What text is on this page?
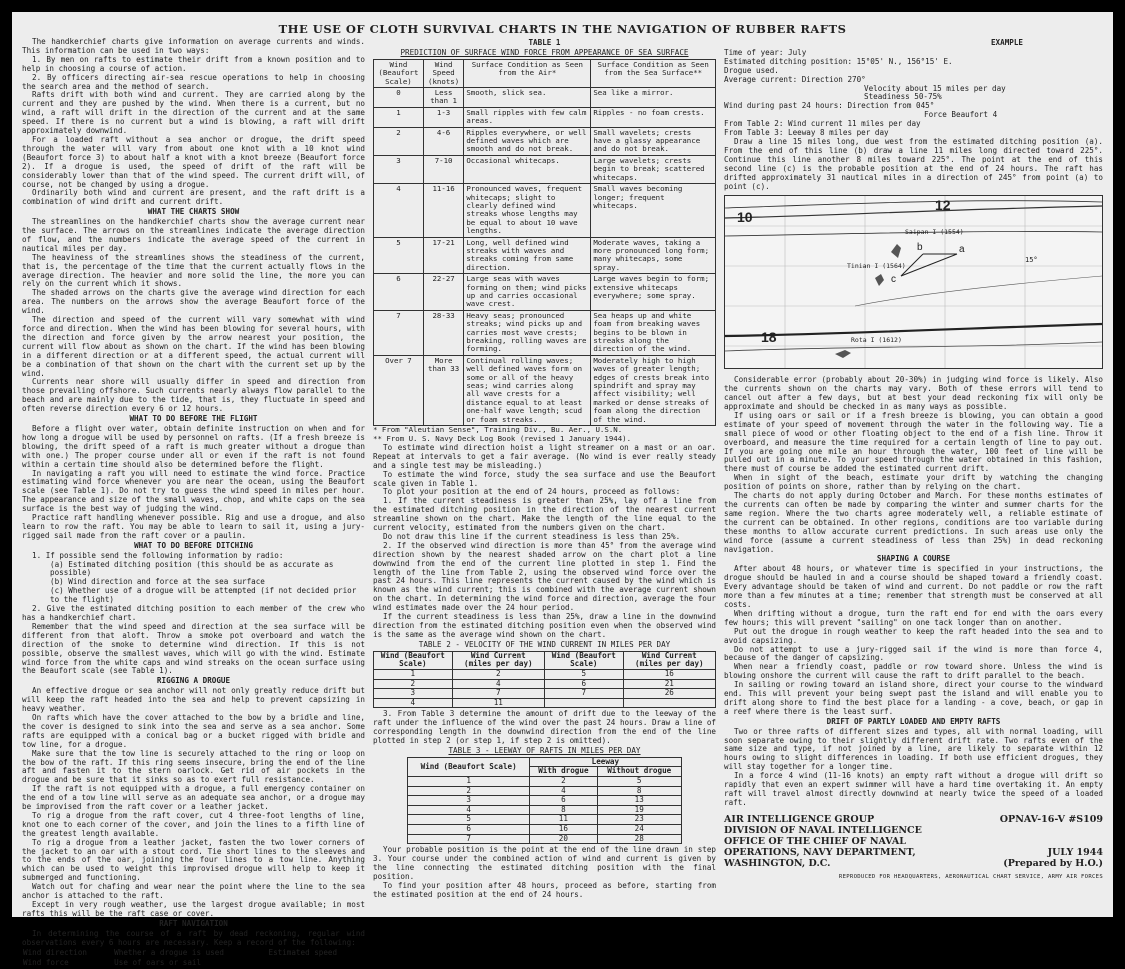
THE USE OF CLOTH SURVIVAL CHARTS IN THE NAVIGATION OF RUBBER RAFTS

The handkerchief charts give information on average currents and winds. This information can be used in two ways:

1. By men on rafts to estimate their drift from a known position and to help in choosing a course of action.

2. By officers directing air-sea rescue operations to help in choosing the search area and the method of search.

Rafts drift with both wind and current. They are carried along by the current and they are pushed by the wind. When there is a current, but no wind, a raft will drift in the direction of the current and at the same speed. If there is no current but a wind is blowing, a raft will drift approximately downwind.

For a loaded raft without a sea anchor or drogue, the drift speed through the water will vary from about one knot with a 10 knot wind (Beaufort force 3) to about half a knot with a knot breeze (Beaufort force 2). If a drogue is used, the speed of drift of the raft will be considerably lower than that of the wind speed. The current drift will, of course, not be changed by using a drogue.

Ordinarily both wind and current are present, and the raft drift is a combination of wind drift and current drift.

WHAT THE CHARTS SHOW

The streamlines on the handkerchief charts show the average current near the surface. The arrows on the streamlines indicate the average direction of flow, and the numbers indicate the average speed of the current in nautical miles per day.

The heaviness of the streamlines shows the steadiness of the current, that is, the percentage of the time that the current actually flows in the average direction. The heavier and more solid the line, the more you can rely on the current which it shows.

The shaded arrows on the charts give the average wind direction for each area. The numbers on the arrows show the average Beaufort force of the wind.

The direction and speed of the current will vary somewhat with wind force and direction. When the wind has been blowing for several hours, with the direction and force given by the arrow nearest your position, the current will flow about as shown on the chart. If the wind has been blowing in a different direction or at a different speed, the actual current will be a combination of that shown on the chart with the current set up by the wind.

Currents near shore will usually differ in speed and direction from those prevailing offshore. Such currents nearly always flow parallel to the beach and are mainly due to the tide, that is, they fluctuate in speed and often reverse direction every 6 or 12 hours.

WHAT TO DO BEFORE THE FLIGHT

Before a flight over water, obtain definite instruction on when and for how long a drogue will be used by personnel on rafts. (If a fresh breeze is blowing, the drift speed of a raft is much greater without a drogue than with one.) The proper course under all or even if the raft is not found within a certain time should also be determined before the flight.

In navigating a raft you will need to estimate the wind force. Practice estimating wind force whenever you are near the ocean, using the Beaufort scale (see Table 1). Do not try to guess the wind speed in miles per hour. The appearance and size of the small waves, chop, and white caps on the sea surface is the best way of judging the wind.

Practice raft handling whenever possible. Rig and use a drogue, and also learn to row the raft. You may be able to learn to sail it, using a jury-rigged sail made from the raft cover or a paulin.

WHAT TO DO BEFORE DITCHING

1. If possible send the following information by radio:

(a) Estimated ditching position (this should be as accurate as possible)
(b) Wind direction and force at the sea surface
(c) Whether use of a drogue will be attempted (if not decided prior to the flight)

2. Give the estimated ditching position to each member of the crew who has a handkerchief chart.

Remember that the wind speed and direction at the sea surface will be different from that aloft. Throw a smoke pot overboard and watch the direction of the smoke to determine wind direction. If this is not possible, observe the smallest waves, which will go with the wind. Estimate wind force from the white caps and wind streaks on the ocean surface using the Beaufort scale (see Table 1).

RIGGING A DROGUE

An effective drogue or sea anchor will not only greatly reduce drift but will keep the raft headed into the sea and help to prevent capsizing in heavy weather.

On rafts which have the cover attached to the bow by a bridle and line, the cover is designed to sink into the sea and serve as a sea anchor. Some rafts are equipped with a conical bag or a bucket rigged with bridle and tow line, for a drogue.

Make sure that the tow line is securely attached to the ring or loop on the bow of the raft. If this ring seems insecure, bring the end of the line aft and fasten it to the stern oarlock. Get rid of air pockets in the drogue and be sure that it sinks so as to exert full resistance.

If the raft is not equipped with a drogue, a full emergency container on the end of a tow line will serve as an adequate sea anchor, or a drogue may be improvised from the raft cover or a leather jacket.

To rig a drogue from the raft cover, cut 4 three-foot lengths of line, knot one to each corner of the cover, and join the lines to a fifth line of the greatest length available.

To rig a drogue from a leather jacket, fasten the two lower corners of the jacket to an oar with a stout cord. Tie short lines to the sleeves and to the ends of the oar, joining the four lines to a tow line. Anything which can be used to weight this improvised drogue will help to keep it submerged and functioning.

Watch out for chafing and wear near the point where the line to the sea anchor is attached to the raft.

Except in very rough weather, use the largest drogue available; in most rafts this will be the raft case or cover.

RAFT NAVIGATION

In determining the course of a raft by dead reckoning, regular wind observations every 6 hours are necessary. Keep a record of the following:

Wind direction	Whether a drogue is used	Estimated speed
Wind force	Use of oars or sail	
TABLE 1
PREDICTION OF SURFACE WIND FORCE FROM APPEARANCE OF SEA SURFACE
Wind (Beaufort Scale)	Wind Speed (knots)	Surface Condition as Seen from the Air*	Surface Condition as Seen from the Sea Surface**
0	Less than 1	Smooth, slick sea.	Sea like a mirror.
1	1-3	Small ripples with few calm areas.	Ripples - no foam crests.
2	4-6	Ripples everywhere, or well defined waves which are smooth and do not break.	Small wavelets; crests have a glassy appearance and do not break.
3	7-10	Occasional whitecaps.	Large wavelets; crests begin to break; scattered whitecaps.
4	11-16	Pronounced waves, frequent whitecaps; slight to clearly defined wind streaks whose lengths may be equal to about 10 wave lengths.	Small waves becoming longer; frequent whitecaps.
5	17-21	Long, well defined wind streaks with waves and streaks coming from same direction.	Moderate waves, taking a more pronounced long form; many whitecaps, some spray.
6	22-27	Large seas with waves forming on them; wind picks up and carries occasional wave crest.	Large waves begin to form; extensive whitecaps everywhere; some spray.
7	28-33	Heavy seas; pronounced streaks; wind picks up and carries most wave crests; breaking, rolling waves are forming.	Sea heaps up and white foam from breaking waves begins to be blown in streaks along the direction of the wind.
Over 7	More than 33	Continual rolling waves; well defined waves form on some or all of the heavy seas; wind carries along all wave crests for a distance equal to at least one-half wave length; scud or foam streaks.	Moderately high to high waves of greater length; edges of crests break into spindrift and spray may affect visibility; well marked or dense streaks of foam along the direction of the wind.
* From "Aleutian Sense", Training Div., Bu. Aer., U.S.N.
** From U. S. Navy Deck Log Book (revised 1 January 1944).

To estimate wind direction hoist a light streamer on a mast or an oar. Repeat at intervals to get a fair average. (No wind is ever really steady and a single test may be misleading.)

To estimate the wind force, study the sea surface and use the Beaufort scale given in Table 1.

To plot your position at the end of 24 hours, proceed as follows:

1. If the current steadiness is greater than 25%, lay off a line from the estimated ditching position in the direction of the nearest current streamline shown on the chart. Make the length of the line equal to the current velocity, estimated from the numbers given on the chart.

Do not draw this line if the current steadiness is less than 25%.

2. If the observed wind direction is more than 45° from the average wind direction shown by the nearest shaded arrow on the chart plot a line downwind from the end of the current line plotted in step 1. Find the length of the line from Table 2, using the observed wind force over the past 24 hours. This line represents the current caused by the wind which is known as the wind current; this is combined with the average current shown on the chart. In determining the wind force and direction, average the four wind estimates made over the 24 hour period.

If the current steadiness is less than 25%, draw a line in the downwind direction from the estimated ditching position even when the observed wind is the same as the average wind shown on the chart.

TABLE 2 - VELOCITY OF THE WIND CURRENT IN MILES PER DAY
Wind (Beaufort Scale)	Wind Current (miles per day)	Wind (Beaufort Scale)	Wind Current (miles per day)
1	2	5	16
2	4	6	21
3	7	7	26
4	11		

3. From Table 3 determine the amount of drift due to the leeway of the raft under the influence of the wind over the past 24 hours. Draw a line of corresponding length in the downwind direction from the end of the line plotted in step 2 (or step 1, if step 2 is omitted).

TABLE 3 - LEEWAY OF RAFTS IN MILES PER DAY
Wind (Beaufort Scale)	Leeway	
	With drogue	Without drogue
1	2	5
2	4	8
3	6	13
4	8	19
5	11	23
6	16	24
7	20	28

Your probable position is the point at the end of the line drawn in step 3. Your course under the combined action of wind and current is given by the line connecting the estimated ditching position with the final position.

To find your position after 48 hours, proceed as before, starting from the estimated position at the end of 24 hours.

EXAMPLE
Time of year: July
Estimated ditching position: 15°05' N., 156°15' E.
Drogue used.
Average current: Direction 270°
Velocity about 15 miles per day
Steadiness 50-75%
Wind during past 24 hours: Direction from 045°
Force Beaufort 4
From Table 2: Wind current 11 miles per day
From Table 3: Leeway 8 miles per day

Draw a line 15 miles long, due west from the estimated ditching position (a). From the end of this line (b) draw a line 11 miles long directed toward 225°. Continue this line another 8 miles toward 225°. The point at the end of this second line (c) is the probable position at the end of 24 hours. The raft has drifted approximately 31 nautical miles in a direction of 245° from point (a) to point (c).

10
12
18
15°
Saipan I (1554)
Tinian I (1564)
Rota I (1612)
a
b
c

Considerable error (probably about 20-30%) in judging wind force is likely. Also the currents shown on the charts may vary. Both of these errors will tend to cancel out after a few days, but at best your dead reckoning fix will only be approximate and should be checked in as many ways as possible.

If using oars or sail or if a fresh breeze is blowing, you can obtain a good estimate of your speed of movement through the water in the following way. Tie a small piece of wood or other floating object to the end of a fish line. Throw it overboard, and measure the time required for a certain length of line to pay out. If you are going one mile an hour through the water, 100 feet of line will be pulled out in a minute. To your speed through the water obtained in this fashion, there must of course be added the estimated current drift.

When in sight of the beach, estimate your drift by watching the changing position of points on shore, rather than by relying on the chart.

The charts do not apply during October and March. For these months estimates of the currents can often be made by comparing the winter and summer charts for the same region. Where the two charts agree moderately well, a reliable estimate of the current can be obtained. In other regions, conditions are too variable during these months to allow accurate current predictions. In such areas use only the wind force (assume a current steadiness of less than 25%) in dead reckoning navigation.

SHAPING A COURSE

After about 48 hours, or whatever time is specified in your instructions, the drogue should be hauled in and a course should be shaped toward a friendly coast. Every advantage should be taken of wind and current. Do not paddle or row the raft more than a few minutes at a time; remember that strength must be conserved at all costs.

When drifting without a drogue, turn the raft end for end with the oars every few hours; this will prevent "sailing" on one tack longer than on another.

Put out the drogue in rough weather to keep the raft headed into the sea and to avoid capsizing.

Do not attempt to use a jury-rigged sail if the wind is more than force 4, because of the danger of capsizing.

When near a friendly coast, paddle or row toward shore. Unless the wind is blowing onshore the current will cause the raft to drift parallel to the beach.

In sailing or rowing toward an island shore, direct your course to the windward end. This will prevent your being swept past the island and will enable you to drift along shore to find the best place for a landing - a cove, beach, or gap in a reef where there is the least surf.

DRIFT OF PARTLY LOADED AND EMPTY RAFTS

Two or three rafts of different sizes and types, all with normal loading, will soon separate owing to their slightly different drift rate. Two rafts even of the same size and type, if not joined by a line, are likely to separate within 12 hours owing to slight differences in loading. If both use efficient drogues, they will stay together for a longer time.

In a force 4 wind (11-16 knots) an empty raft without a drogue will drift so rapidly that even an expert swimmer will have a hard time overtaking it. An empty raft will travel almost directly downwind at nearly twice the speed of a loaded raft.

AIR INTELLIGENCE GROUP
DIVISION OF NAVAL INTELLIGENCE
OFFICE OF THE CHIEF OF NAVAL
OPERATIONS, NAVY DEPARTMENT,
WASHINGTON, D.C.
OPNAV-16-V #S109

JULY 1944
(Prepared by H.O.)
REPRODUCED FOR HEADQUARTERS, AERONAUTICAL CHART SERVICE, ARMY AIR FORCES
